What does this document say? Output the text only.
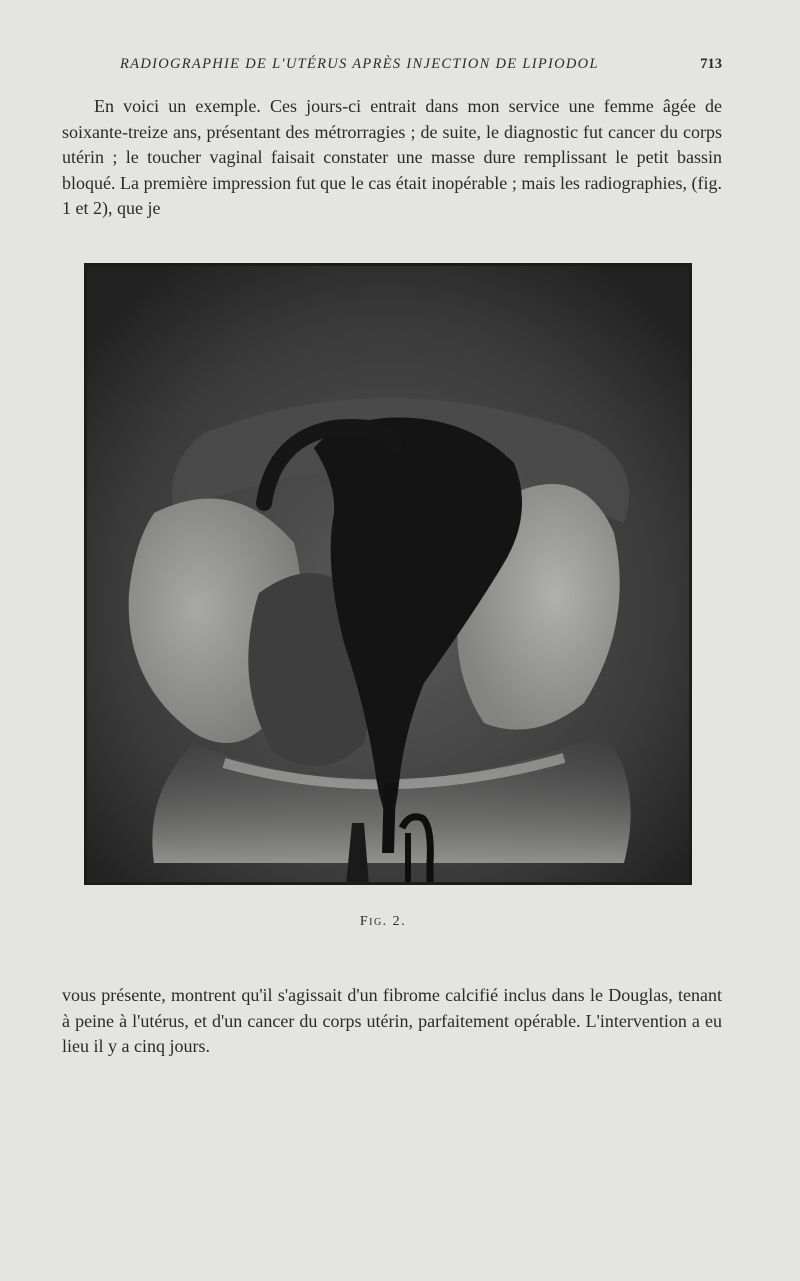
RADIOGRAPHIE DE L'UTÉRUS APRÈS INJECTION DE LIPIODOL	713

En voici un exemple. Ces jours-ci entrait dans mon service une femme âgée de soixante-treize ans, présentant des métrorragies ; de suite, le diagnostic fut cancer du corps utérin ; le toucher vaginal faisait constater une masse dure remplissant le petit bassin bloqué. La première impression fut que le cas était inopérable ; mais les radiographies, (fig. 1 et 2), que je

Fig. 2.

vous présente, montrent qu'il s'agissait d'un fibrome calcifié inclus dans le Douglas, tenant à peine à l'utérus, et d'un cancer du corps utérin, parfaitement opérable. L'intervention a eu lieu il y a cinq jours.
